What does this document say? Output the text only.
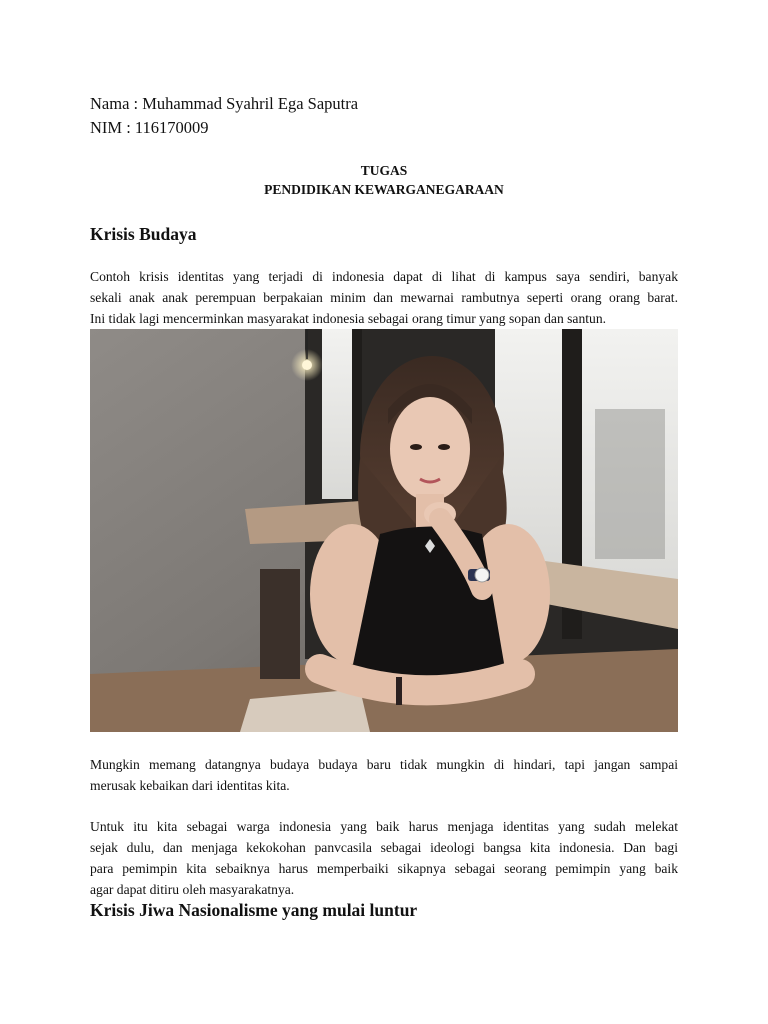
Nama : Muhammad Syahril Ega Saputra
NIM : 116170009
TUGAS
PENDIDIKAN KEWARGANEGARAAN
Krisis Budaya
Contoh krisis identitas yang terjadi di indonesia dapat di lihat di kampus saya sendiri, banyak
sekali anak anak perempuan berpakaian minim dan mewarnai rambutnya seperti orang orang barat.
Ini tidak lagi mencerminkan masyarakat indonesia sebagai orang timur yang sopan dan santun.
Mungkin memang datangnya budaya budaya baru tidak mungkin di hindari, tapi jangan sampai
merusak kebaikan dari identitas kita.
Untuk itu kita sebagai warga indonesia yang baik harus menjaga identitas yang sudah melekat
sejak dulu, dan menjaga kekokohan panvcasila sebagai ideologi bangsa kita indonesia. Dan bagi
para pemimpin kita sebaiknya harus memperbaiki sikapnya sebagai seorang pemimpin yang baik
agar dapat ditiru oleh masyarakatnya.
Krisis Jiwa Nasionalisme yang mulai luntur
